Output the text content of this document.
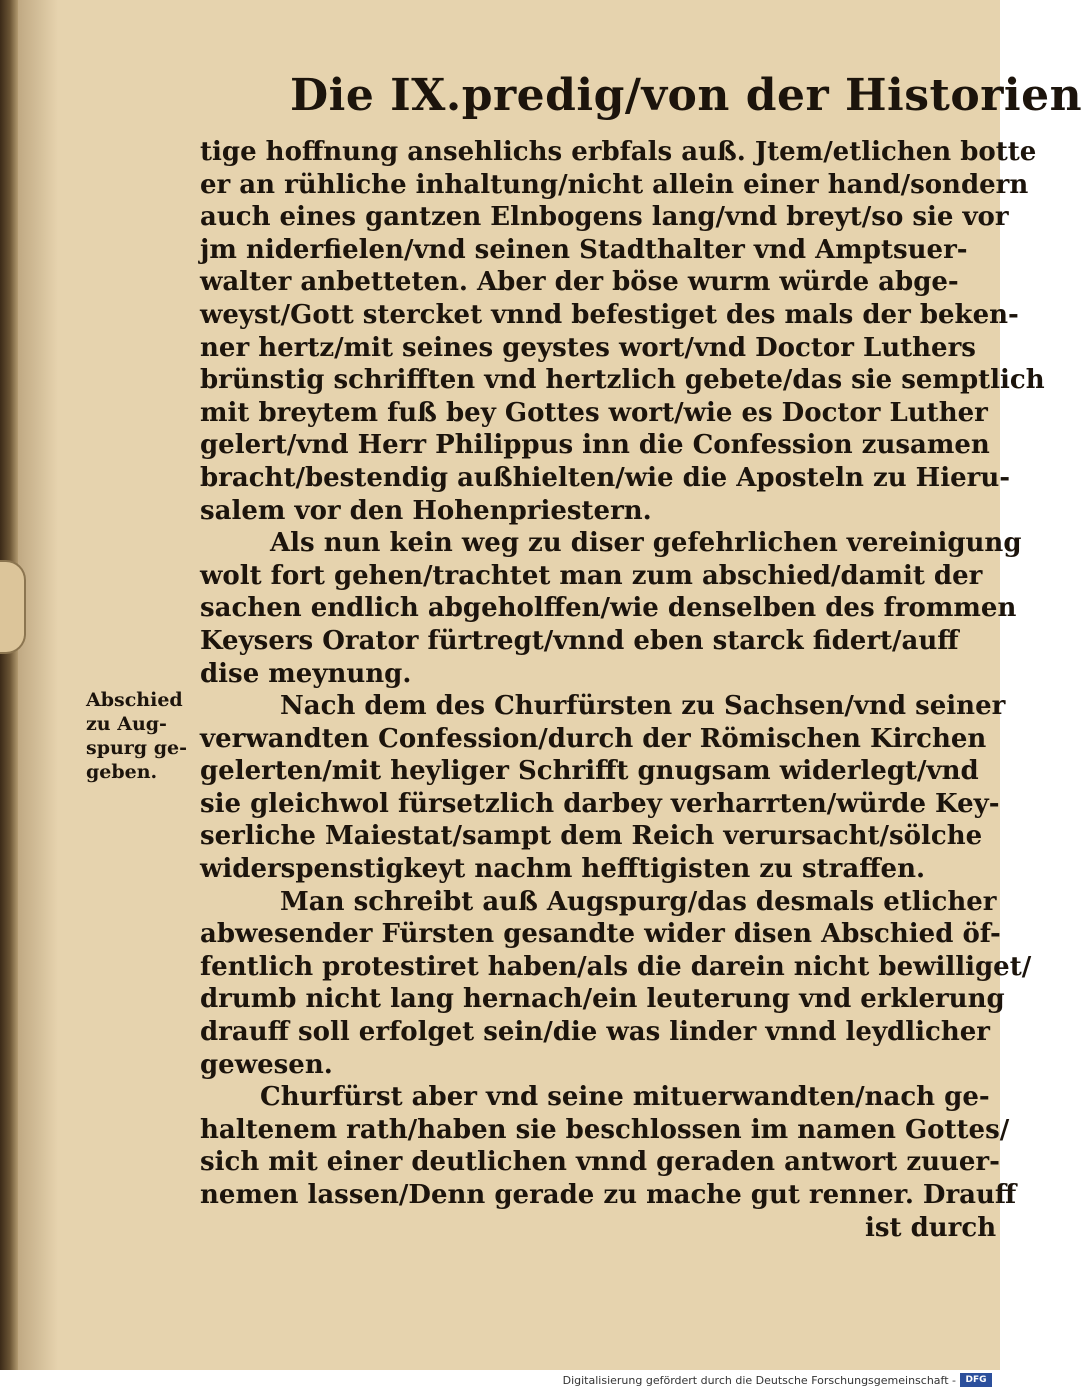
Die IX.predig/von der Historien
tige hoffnung ansehlichs erbfals auß. Jtem/etlichen botte
er an rühliche inhaltung/nicht allein einer hand/sondern
auch eines gantzen Elnbogens lang/vnd breyt/so sie vor
jm niderfielen/vnd seinen Stadthalter vnd Amptsuer-
walter anbetteten. Aber der böse wurm würde abge-
weyst/Gott stercket vnnd befestiget des mals der beken-
ner hertz/mit seines geystes wort/vnd Doctor Luthers
brünstig schrifften vnd hertzlich gebete/das sie semptlich
mit breytem fuß bey Gottes wort/wie es Doctor Luther
gelert/vnd Herr Philippus inn die Confession zusamen
bracht/bestendig außhielten/wie die Aposteln zu Hieru-
salem vor den Hohenpriestern.
Als nun kein weg zu diser gefehrlichen vereinigung
wolt fort gehen/trachtet man zum abschied/damit der
sachen endlich abgeholffen/wie denselben des frommen
Keysers Orator fürtregt/vnnd eben starck fidert/auff
dise meynung.
Nach dem des Churfürsten zu Sachsen/vnd seiner
verwandten Confession/durch der Römischen Kirchen
gelerten/mit heyliger Schrifft gnugsam widerlegt/vnd
sie gleichwol fürsetzlich darbey verharrten/würde Key-
serliche Maiestat/sampt dem Reich verursacht/sölche
widerspenstigkeyt nachm hefftigisten zu straffen.
Man schreibt auß Augspurg/das desmals etlicher
abwesender Fürsten gesandte wider disen Abschied öf-
fentlich protestiret haben/als die darein nicht bewilliget/
drumb nicht lang hernach/ein leuterung vnd erklerung
drauff soll erfolget sein/die was linder vnnd leydlicher
gewesen.
Churfürst aber vnd seine mituerwandten/nach ge-
haltenem rath/haben sie beschlossen im namen Gottes/
sich mit einer deutlichen vnnd geraden antwort zuuer-
nemen lassen/Denn gerade zu mache gut renner. Drauff
ist durch
Abschied
zu Aug-
spurg ge-
geben.
Digitalisierung gefördert durch die Deutsche Forschungsgemeinschaft -	DFG
